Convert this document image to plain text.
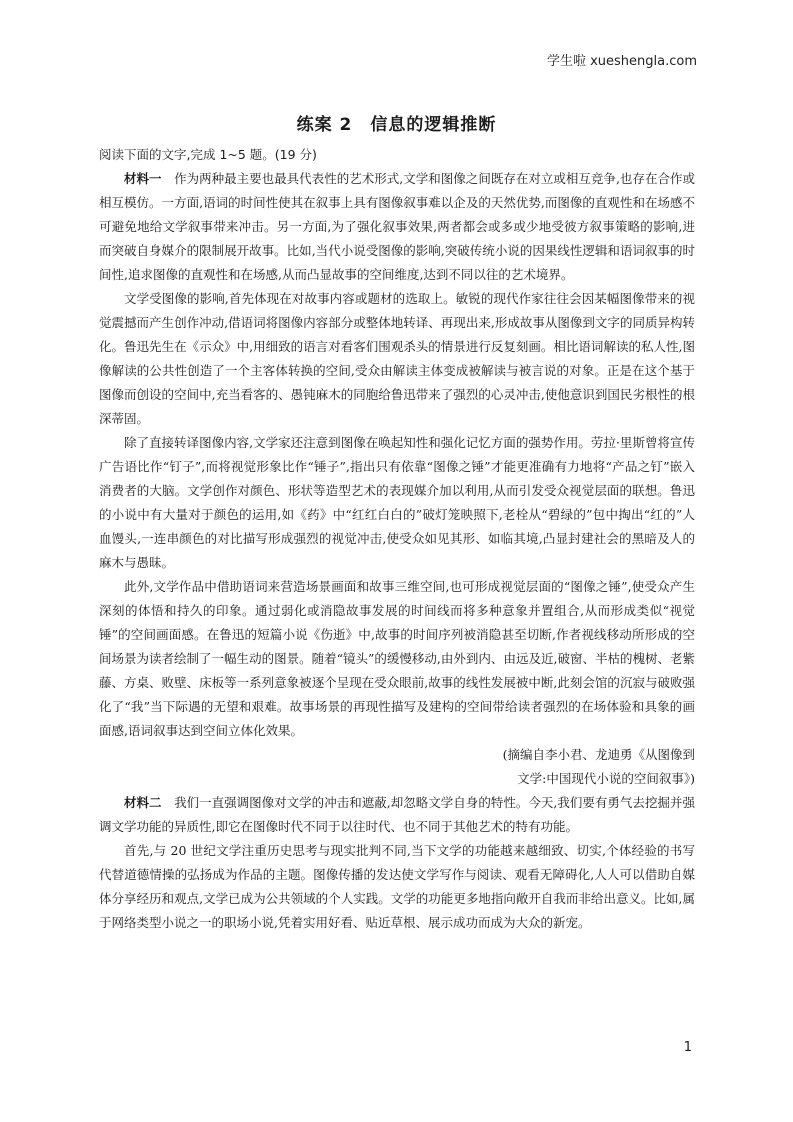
学生啦 xueshengla.com
练案 2　信息的逻辑推断
阅读下面的文字,完成 1~5 题。(19 分)

材料一　 作为两种最主要也最具代表性的艺术形式,文学和图像之间既存在对立或相互竞争,也存在合作或相互模仿。一方面,语词的时间性使其在叙事上具有图像叙事难以企及的天然优势,而图像的直观性和在场感不可避免地给文学叙事带来冲击。另一方面,为了强化叙事效果,两者都会或多或少地受彼方叙事策略的影响,进而突破自身媒介的限制展开故事。比如,当代小说受图像的影响,突破传统小说的因果线性逻辑和语词叙事的时间性,追求图像的直观性和在场感,从而凸显故事的空间维度,达到不同以往的艺术境界。

文学受图像的影响,首先体现在对故事内容或题材的选取上。敏锐的现代作家往往会因某幅图像带来的视觉震撼而产生创作冲动,借语词将图像内容部分或整体地转译、再现出来,形成故事从图像到文字的同质异构转化。鲁迅先生在《示众》中,用细致的语言对看客们围观杀头的情景进行反复刻画。相比语词解读的私人性,图像解读的公共性创造了一个主客体转换的空间,受众由解读主体变成被解读与被言说的对象。正是在这个基于图像而创设的空间中,充当看客的、愚钝麻木的同胞给鲁迅带来了强烈的心灵冲击,使他意识到国民劣根性的根深蒂固。

除了直接转译图像内容,文学家还注意到图像在唤起知性和强化记忆方面的强势作用。劳拉·里斯曾将宣传广告语比作“钉子”,而将视觉形象比作“锤子”,指出只有依靠“图像之锤”才能更准确有力地将“产品之钉”嵌入消费者的大脑。文学创作对颜色、形状等造型艺术的表现媒介加以利用,从而引发受众视觉层面的联想。鲁迅的小说中有大量对于颜色的运用,如《药》中“红红白白的”破灯笼映照下,老栓从“碧绿的”包中掏出“红的”人血馒头,一连串颜色的对比描写形成强烈的视觉冲击,使受众如见其形、如临其境,凸显封建社会的黑暗及人的麻木与愚昧。

此外,文学作品中借助语词来营造场景画面和故事三维空间,也可形成视觉层面的“图像之锤”,使受众产生深刻的体悟和持久的印象。通过弱化或消隐故事发展的时间线而将多种意象并置组合,从而形成类似“视觉锤”的空间画面感。在鲁迅的短篇小说《伤逝》中,故事的时间序列被消隐甚至切断,作者视线移动所形成的空间场景为读者绘制了一幅生动的图景。随着“镜头”的缓慢移动,由外到内、由远及近,破窗、半枯的槐树、老紫藤、方桌、败壁、床板等一系列意象被逐个呈现在受众眼前,故事的线性发展被中断,此刻会馆的沉寂与破败强化了“我”当下际遇的无望和艰难。故事场景的再现性描写及建构的空间带给读者强烈的在场体验和具象的画面感,语词叙事达到空间立体化效果。

(摘编自李小君、龙迪勇《从图像到
文学:中国现代小说的空间叙事》)

材料二　 我们一直强调图像对文学的冲击和遮蔽,却忽略文学自身的特性。今天,我们要有勇气去挖掘并强调文学功能的异质性,即它在图像时代不同于以往时代、也不同于其他艺术的特有功能。

首先,与 20 世纪文学注重历史思考与现实批判不同,当下文学的功能越来越细致、切实,个体经验的书写代替道德情操的弘扬成为作品的主题。图像传播的发达使文学写作与阅读、观看无障碍化,人人可以借助自媒体分享经历和观点,文学已成为公共领域的个人实践。文学的功能更多地指向敞开自我而非给出意义。比如,属于网络类型小说之一的职场小说,凭着实用好看、贴近草根、展示成功而成为大众的新宠。

1
